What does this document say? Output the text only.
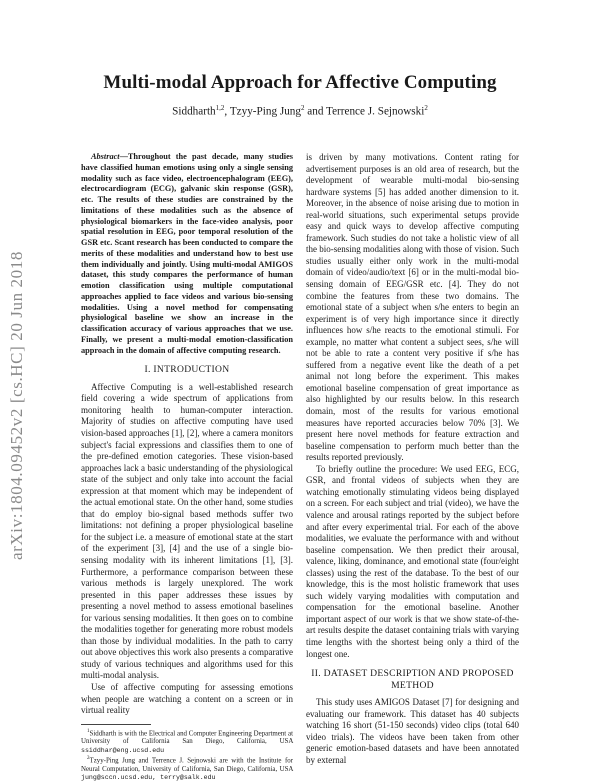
Multi-modal Approach for Affective Computing
Siddharth$^{1,2}$, Tzyy-Ping Jung$^2$ and Terrence J. Sejnowski$^2$
arXiv:1804.09452v2 [cs.HC] 20 Jun 2018

Abstract—Throughout the past decade, many studies have classified human emotions using only a single sensing modality such as face video, electroencephalogram (EEG), electrocardiogram (ECG), galvanic skin response (GSR), etc. The results of these studies are constrained by the limitations of these modalities such as the absence of physiological biomarkers in the face-video analysis, poor spatial resolution in EEG, poor temporal resolution of the GSR etc. Scant research has been conducted to compare the merits of these modalities and understand how to best use them individually and jointly. Using multi-modal AMIGOS dataset, this study compares the performance of human emotion classification using multiple computational approaches applied to face videos and various bio-sensing modalities. Using a novel method for compensating physiological baseline we show an increase in the classification accuracy of various approaches that we use. Finally, we present a multi-modal emotion-classification approach in the domain of affective computing research.

I. INTRODUCTION

Affective Computing is a well-established research field covering a wide spectrum of applications from monitoring health to human-computer interaction. Majority of studies on affective computing have used vision-based approaches [1], [2], where a camera monitors subject's facial expressions and classifies them to one of the pre-defined emotion categories. These vision-based approaches lack a basic understanding of the physiological state of the subject and only take into account the facial expression at that moment which may be independent of the actual emotional state. On the other hand, some studies that do employ bio-signal based methods suffer two limitations: not defining a proper physiological baseline for the subject i.e. a measure of emotional state at the start of the experiment [3], [4] and the use of a single bio-sensing modality with its inherent limitations [1], [3]. Furthermore, a performance comparison between these various methods is largely unexplored. The work presented in this paper addresses these issues by presenting a novel method to assess emotional baselines for various sensing modalities. It then goes on to combine the modalities together for generating more robust models than those by individual modalities. In the path to carry out above objectives this work also presents a comparative study of various techniques and algorithms used for this multi-modal analysis.

Use of affective computing for assessing emotions when people are watching a content on a screen or in virtual reality

$^1$Siddharth is with the Electrical and Computer Engineering Department at University of California San Diego, California, USA ssiddhar@eng.ucsd.edu

$^2$Tzyy-Ping Jung and Terrence J. Sejnowski are with the Institute for Neural Computation, University of California, San Diego, California, USA jung@sccn.ucsd.edu, terry@salk.edu

is driven by many motivations. Content rating for advertisement purposes is an old area of research, but the development of wearable multi-modal bio-sensing hardware systems [5] has added another dimension to it. Moreover, in the absence of noise arising due to motion in real-world situations, such experimental setups provide easy and quick ways to develop affective computing framework. Such studies do not take a holistic view of all the bio-sensing modalities along with those of vision. Such studies usually either only work in the multi-modal domain of video/audio/text [6] or in the multi-modal bio-sensing domain of EEG/GSR etc. [4]. They do not combine the features from these two domains. The emotional state of a subject when s/he enters to begin an experiment is of very high importance since it directly influences how s/he reacts to the emotional stimuli. For example, no matter what content a subject sees, s/he will not be able to rate a content very positive if s/he has suffered from a negative event like the death of a pet animal not long before the experiment. This makes emotional baseline compensation of great importance as also highlighted by our results below. In this research domain, most of the results for various emotional measures have reported accuracies below 70% [3]. We present here novel methods for feature extraction and baseline compensation to perform much better than the results reported previously.

To briefly outline the procedure: We used EEG, ECG, GSR, and frontal videos of subjects when they are watching emotionally stimulating videos being displayed on a screen. For each subject and trial (video), we have the valence and arousal ratings reported by the subject before and after every experimental trial. For each of the above modalities, we evaluate the performance with and without baseline compensation. We then predict their arousal, valence, liking, dominance, and emotional state (four/eight classes) using the rest of the database. To the best of our knowledge, this is the most holistic framework that uses such widely varying modalities with computation and compensation for the emotional baseline. Another important aspect of our work is that we show state-of-the-art results despite the dataset containing trials with varying time lengths with the shortest being only a third of the longest one.

II. DATASET DESCRIPTION AND PROPOSED METHOD

This study uses AMIGOS Dataset [7] for designing and evaluating our framework. This dataset has 40 subjects watching 16 short (51-150 seconds) video clips (total 640 video trials). The videos have been taken from other generic emotion-based datasets and have been annotated by external
